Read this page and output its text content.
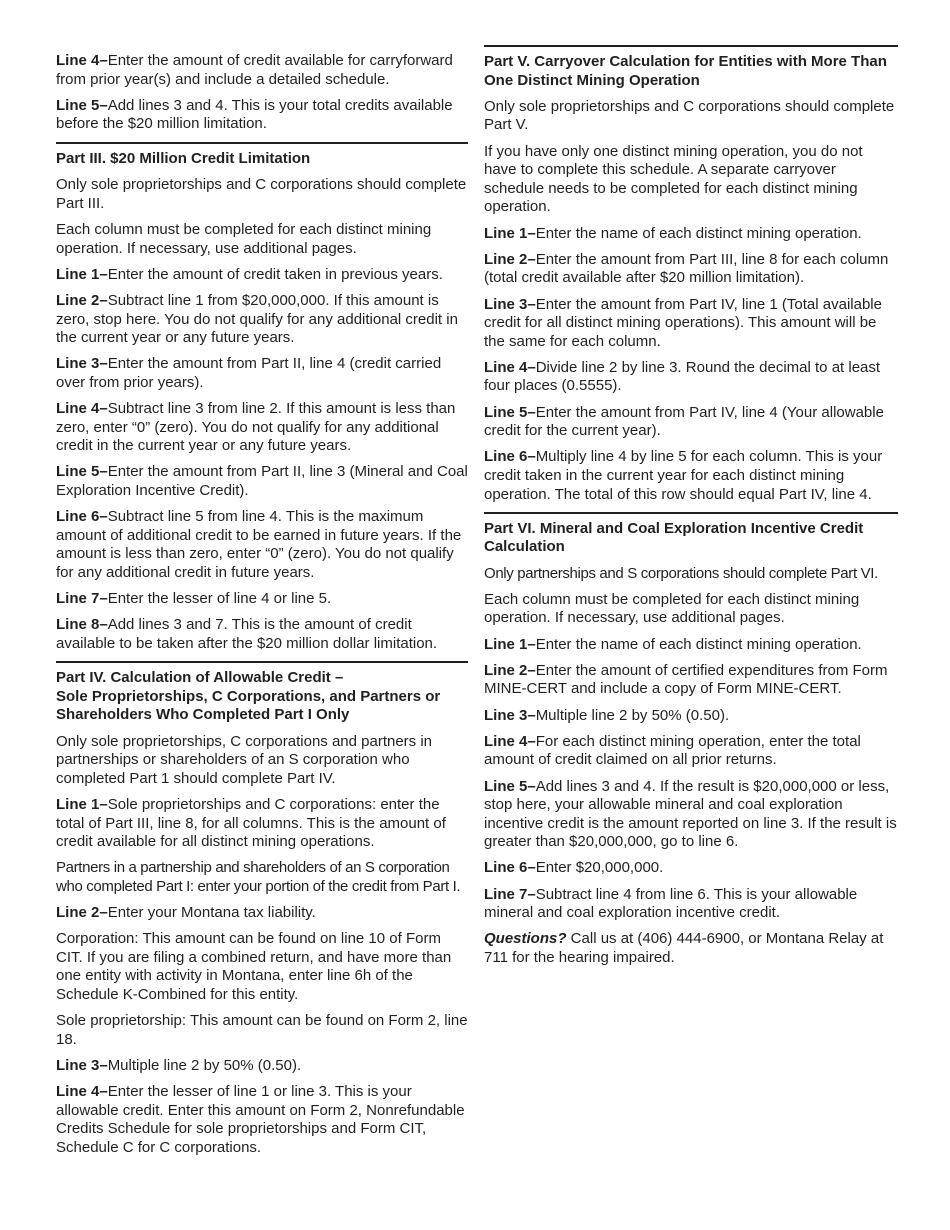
Line 4–Enter the amount of credit available for carryforward from prior year(s) and include a detailed schedule.

Line 5–Add lines 3 and 4. This is your total credits available before the $20 million limitation.

Part III. $20 Million Credit Limitation

Only sole proprietorships and C corporations should complete Part III.

Each column must be completed for each distinct mining operation. If necessary, use additional pages.

Line 1–Enter the amount of credit taken in previous years.

Line 2–Subtract line 1 from $20,000,000. If this amount is zero, stop here. You do not qualify for any additional credit in the current year or any future years.

Line 3–Enter the amount from Part II, line 4 (credit carried over from prior years).

Line 4–Subtract line 3 from line 2. If this amount is less than zero, enter “0” (zero). You do not qualify for any additional credit in the current year or any future years.

Line 5–Enter the amount from Part II, line 3 (Mineral and Coal Exploration Incentive Credit).

Line 6–Subtract line 5 from line 4. This is the maximum amount of additional credit to be earned in future years. If the amount is less than zero, enter “0” (zero). You do not qualify for any additional credit in future years.

Line 7–Enter the lesser of line 4 or line 5.

Line 8–Add lines 3 and 7. This is the amount of credit available to be taken after the $20 million dollar limitation.

Part IV. Calculation of Allowable Credit –
Sole Proprietorships, C Corporations, and Partners or Shareholders Who Completed Part I Only

Only sole proprietorships, C corporations and partners in partnerships or shareholders of an S corporation who completed Part 1 should complete Part IV.

Line 1–Sole proprietorships and C corporations: enter the total of Part III, line 8, for all columns. This is the amount of credit available for all distinct mining operations.

Partners in a partnership and shareholders of an S corporation who completed Part I: enter your portion of the credit from Part I.

Line 2–Enter your Montana tax liability.

Corporation: This amount can be found on line 10 of Form CIT. If you are filing a combined return, and have more than one entity with activity in Montana, enter line 6h of the Schedule K-Combined for this entity.

Sole proprietorship: This amount can be found on Form 2, line 18.

Line 3–Multiple line 2 by 50% (0.50).

Line 4–Enter the lesser of line 1 or line 3. This is your allowable credit. Enter this amount on Form 2, Nonrefundable Credits Schedule for sole proprietorships and Form CIT, Schedule C for C corporations.

Part V. Carryover Calculation for Entities with More Than One Distinct Mining Operation

Only sole proprietorships and C corporations should complete Part V.

If you have only one distinct mining operation, you do not have to complete this schedule. A separate carryover schedule needs to be completed for each distinct mining operation.

Line 1–Enter the name of each distinct mining operation.

Line 2–Enter the amount from Part III, line 8 for each column (total credit available after $20 million limitation).

Line 3–Enter the amount from Part IV, line 1 (Total available credit for all distinct mining operations). This amount will be the same for each column.

Line 4–Divide line 2 by line 3. Round the decimal to at least four places (0.5555).

Line 5–Enter the amount from Part IV, line 4 (Your allowable credit for the current year).

Line 6–Multiply line 4 by line 5 for each column. This is your credit taken in the current year for each distinct mining operation. The total of this row should equal Part IV, line 4.

Part VI. Mineral and Coal Exploration Incentive Credit Calculation

Only partnerships and S corporations should complete Part VI.

Each column must be completed for each distinct mining operation. If necessary, use additional pages.

Line 1–Enter the name of each distinct mining operation.

Line 2–Enter the amount of certified expenditures from Form MINE-CERT and include a copy of Form MINE-CERT.

Line 3–Multiple line 2 by 50% (0.50).

Line 4–For each distinct mining operation, enter the total amount of credit claimed on all prior returns.

Line 5–Add lines 3 and 4. If the result is $20,000,000 or less, stop here, your allowable mineral and coal exploration incentive credit is the amount reported on line 3. If the result is greater than $20,000,000, go to line 6.

Line 6–Enter $20,000,000.

Line 7–Subtract line 4 from line 6. This is your allowable mineral and coal exploration incentive credit.

Questions? Call us at (406) 444-6900, or Montana Relay at 711 for the hearing impaired.
